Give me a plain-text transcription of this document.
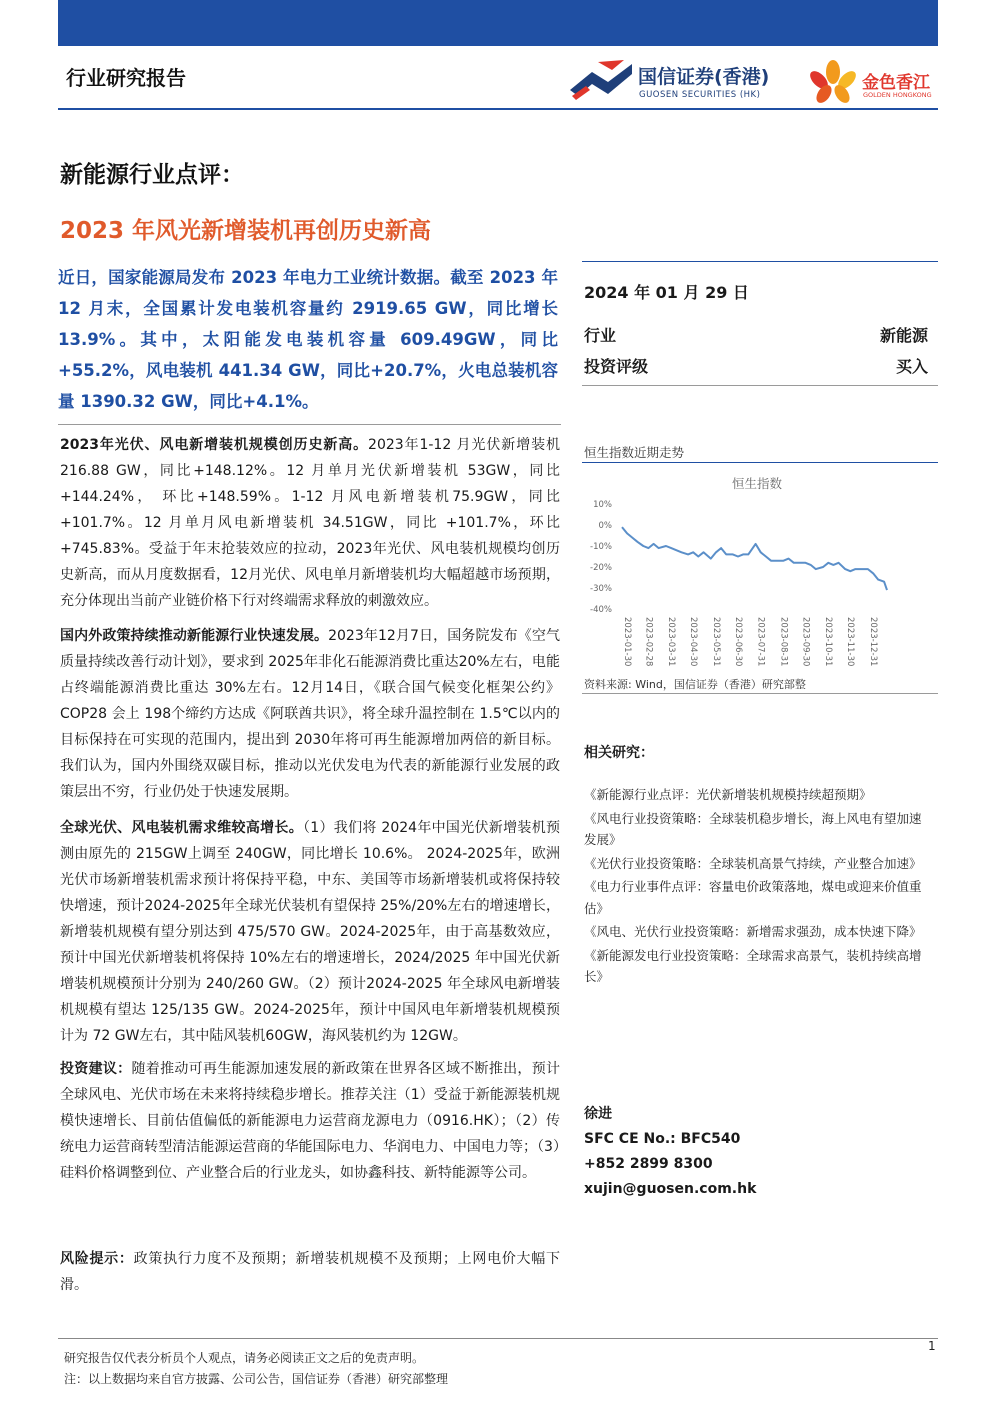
行业研究报告	国信证券(香港)
GUOSEN SECURITIES (HK)
金色香江
GOLDEN HONGKONG
新能源行业点评：
2023 年风光新增装机再创历史新高

近日，国家能源局发布 2023 年电力工业统计数据。截至 2023 年 12 月末，全国累计发电装机容量约 2919.65 GW，同比增长 13.9%。其中，太阳能发电装机容量 609.49GW，同比+55.2%，风电装机 441.34 GW，同比+20.7%，火电总装机容量 1390.32 GW，同比+4.1%。

2023年光伏、风电新增装机规模创历史新高。2023年1-12 月光伏新增装机 216.88 GW，同比+148.12%。12 月单月光伏新增装机 53GW，同比+144.24%， 环比+148.59%。1-12 月风电新增装机75.9GW，同比+101.7%。12 月单月风电新增装机 34.51GW，同比 +101.7%，环比+745.83%。受益于年末抢装效应的拉动，2023年光伏、风电装机规模均创历史新高，而从月度数据看，12月光伏、风电单月新增装机均大幅超越市场预期，充分体现出当前产业链价格下行对终端需求释放的刺激效应。

国内外政策持续推动新能源行业快速发展。2023年12月7日，国务院发布《空气质量持续改善行动计划》，要求到 2025年非化石能源消费比重达20%左右，电能占终端能源消费比重达 30%左右。12月14日，《联合国气候变化框架公约》COP28 会上 198个缔约方达成《阿联酋共识》，将全球升温控制在 1.5℃以内的目标保持在可实现的范围内，提出到 2030年将可再生能源增加两倍的新目标。我们认为，国内外围绕双碳目标，推动以光伏发电为代表的新能源行业发展的政策层出不穷，行业仍处于快速发展期。

全球光伏、风电装机需求维较高增长。（1）我们将 2024年中国光伏新增装机预测由原先的 215GW上调至 240GW，同比增长 10.6%。 2024-2025年，欧洲光伏市场新增装机需求预计将保持平稳，中东、美国等市场新增装机或将保持较快增速，预计2024-2025年全球光伏装机有望保持 25%/20%左右的增速增长，新增装机规模有望分别达到 475/570 GW。2024-2025年，由于高基数效应，预计中国光伏新增装机将保持 10%左右的增速增长，2024/2025 年中国光伏新增装机规模预计分别为 240/260 GW。（2）预计2024-2025 年全球风电新增装机规模有望达 125/135 GW。2024-2025年，预计中国风电年新增装机规模预计为 72 GW左右，其中陆风装机60GW，海风装机约为 12GW。

投资建议：随着推动可再生能源加速发展的新政策在世界各区域不断推出，预计全球风电、光伏市场在未来将持续稳步增长。推荐关注（1）受益于新能源装机规模快速增长、目前估值偏低的新能源电力运营商龙源电力（0916.HK）；（2）传统电力运营商转型清洁能源运营商的华能国际电力、华润电力、中国电力等；（3）硅料价格调整到位、产业整合后的行业龙头，如协鑫科技、新特能源等公司。

风险提示：政策执行力度不及预期；新增装机规模不及预期；上网电价大幅下滑。

2024 年 01 月 29 日
行业	新能源
投资评级	买入
恒生指数近期走势
恒生指数
10%
0%
-10%
-20%
-30%
-40%
2023-01-30 2023-02-28 2023-03-31 2023-04-30 2023-05-31 2023-06-30 2023-07-31 2023-08-31 2023-09-30 2023-10-31 2023-11-30 2023-12-31
资料来源: Wind，国信证券（香港）研究部整
相关研究：
《新能源行业点评：光伏新增装机规模持续超预期》
《风电行业投资策略：全球装机稳步增长，海上风电有望加速发展》
《光伏行业投资策略：全球装机高景气持续，产业整合加速》
《电力行业事件点评：容量电价政策落地，煤电或迎来价值重估》
《风电、光伏行业投资策略：新增需求强劲，成本快速下降》
《新能源发电行业投资策略：全球需求高景气，装机持续高增长》
徐进
SFC CE No.: BFC540
+852 2899 8300
xujin@guosen.com.hk
研究报告仅代表分析员个人观点，请务必阅读正文之后的免责声明。
注：以上数据均来自官方披露、公司公告，国信证券（香港）研究部整理
1
